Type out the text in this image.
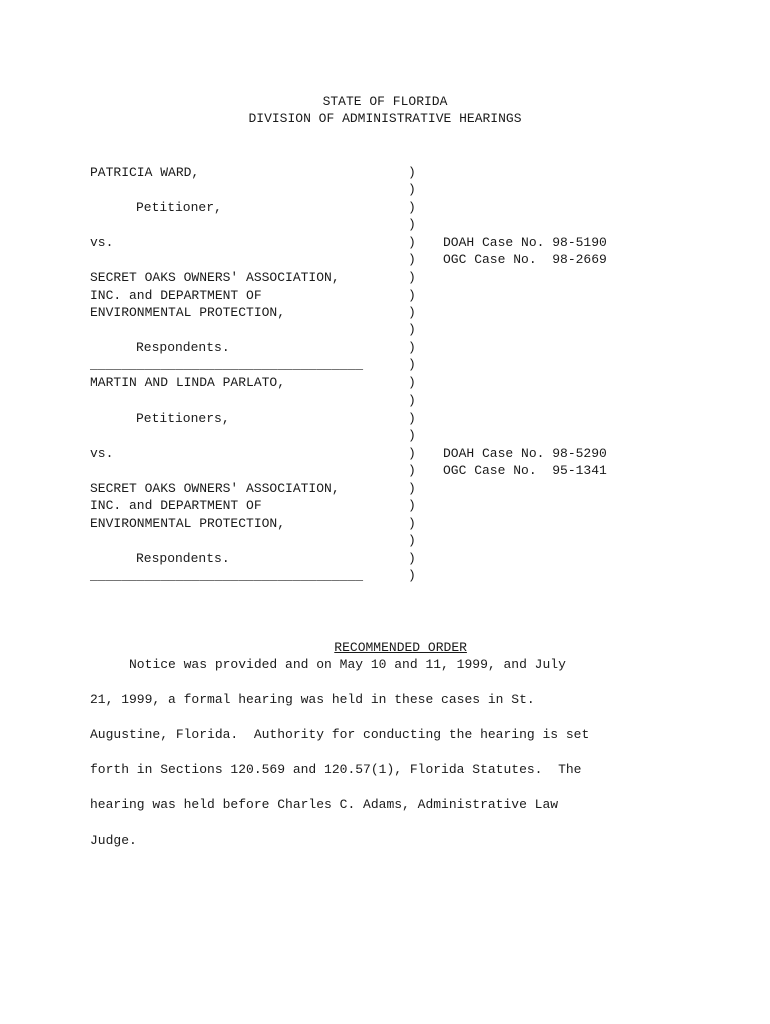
STATE OF FLORIDA
DIVISION OF ADMINISTRATIVE HEARINGS
PATRICIA WARD,
Petitioner,
vs.
SECRET OAKS OWNERS' ASSOCIATION,
INC. and DEPARTMENT OF
ENVIRONMENTAL PROTECTION,
Respondents.
___________________________________
)
)
)
)
)
)
)
)
)
)
)
)
DOAH Case No. 98-5190
OGC Case No.  98-2669
MARTIN AND LINDA PARLATO,
Petitioners,
vs.
SECRET OAKS OWNERS' ASSOCIATION,
INC. and DEPARTMENT OF
ENVIRONMENTAL PROTECTION,
Respondents.
___________________________________
)
)
)
)
)
)
)
)
)
)
)
)
DOAH Case No. 98-5290
OGC Case No.  95-1341

RECOMMENDED ORDER

Notice was provided and on May 10 and 11, 1999, and July
21, 1999, a formal hearing was held in these cases in St.
Augustine, Florida.  Authority for conducting the hearing is set
forth in Sections 120.569 and 120.57(1), Florida Statutes.  The
hearing was held before Charles C. Adams, Administrative Law
Judge.
